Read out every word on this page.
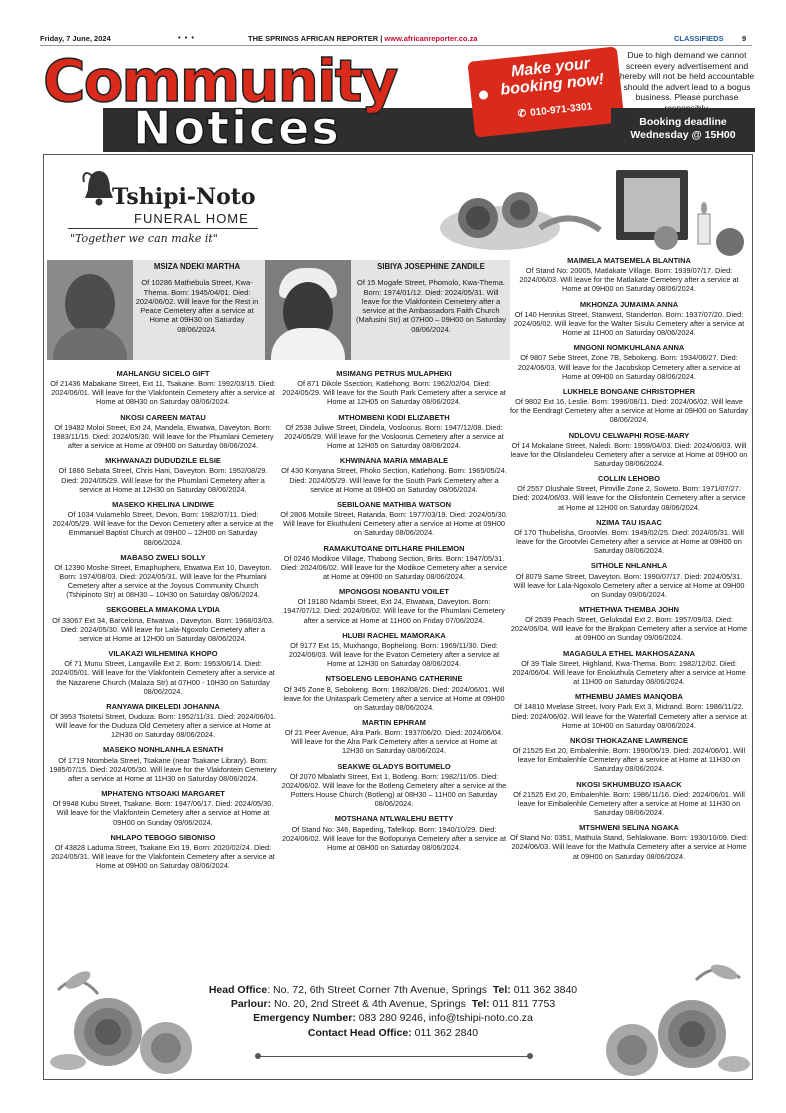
Friday, 7 June, 2024	• • •	THE SPRINGS AFRICAN REPORTER | www.africanreporter.co.za	CLASSIFIEDS 9
Community
Notices
Make your booking now!
✆ 010-971-3301
Due to high demand we cannot screen every advertisement and hereby will not be held accountable should the advert lead to a bogus business. Please purchase
Booking deadline
Wednesday @ 15H00
Tshipi-Noto
FUNERAL HOME
"Together we can make it"
MSIZA NDEKI MARTHA
Of 10286 Mathebula Street, Kwa-Thema. Born: 1945/04/01. Died: 2024/06/02. Will leave for the Rest in Peace Cemetery after a service at Home at 09H30 on Saturday 08/06/2024.
SIBIYA JOSEPHINE ZANDILE
Of 15 Mogafe Street, Phomolo, Kwa-Thema. Born: 1974/01/12. Died: 2024/05/31. Will leave for the Vlakfontein Cemetery after a service at the Ambassadors Faith Church (Mafusini Str) at 07H00 – 09H00 on Saturday 08/06/2024.
MAHLANGU SICELO GIFT
Of 21436 Mabakane Street, Ext 11, Tsakane. Born: 1992/03/15. Died: 2024/06/01. Will leave for the Vlakfontein Cemetery after a service at Home at 08H30 on Saturday 08/06/2024.
NKOSI CAREEN MATAU
Of 19482 Moloi Street, Ext 24, Mandela, Etwatwa, Daveyton. Born: 1983/11/15. Died: 2024/05/30. Will leave for the Phumlani Cemetery after a service at Home at 09H00 on Saturday 08/06/2024.
MKHWANAZI DUDUDZILE ELSIE
Of 1866 Sebata Street, Chris Hani, Daveyton. Born: 1952/08/29. Died: 2024/05/29. Will leave for the Phumlani Cemetery after a service at Home at 12H30 on Saturday 08/06/2024.
MASEKO KHELINA LINDIWE
Of 1034 Vulamehlo Street, Devon. Born: 1982/07/11. Died: 2024/05/29. Will leave for the Devon Cemetery after a service at the Emmanuel Baptist Church at 09H00 – 12H00 on Saturday 08/06/2024.
MABASO ZWELI SOLLY
Of 12390 Moshe Street, Emaphupheni, Etwatwa Ext 10, Daveyton. Born: 1974/08/03. Died: 2024/05/31. Will leave for the Phumlani Cemetery after a service at the Joyous Community Church (Tshipinoto Str) at 08H30 – 10H30 on Saturday 08/06/2024.
SEKGOBELA MMAKOMA LYDIA
Of 33067 Ext 34, Barcelona, Etwatwa , Daveyton. Born: 1968/03/03. Died: 2024/05/30. Will leave for Lala-Ngoxolo Cemetery after a service at Home at 12H00 on Saturday 08/06/2024.
VILAKAZI WILHEMINA KHOPO
Of 71 Munu Street, Langaville Ext 2. Born: 1953/06/14. Died: 2024/05/01. Will leave for the Vlakfontein Cemetery after a service at the Nazarene Church (Malaza Str) at 07H00 - 10H30 on Saturday 08/06/2024.
RANYAWA DIKELEDI JOHANNA
Of 3953 Tsotetsi Street, Duduza. Born: 1952/11/31. Died: 2024/06/01. Will leave for the Duduza Old Cemetery after a service at Home at 12H30 on Saturday 08/06/2024.
MASEKO NONHLANHLA ESNATH
Of 1719 Ntombela Street, Tsakane (near Tsakane Library). Born: 1985/07/15. Died: 2024/05/30. Will leave for the Vlakfontein Cemetery after a service at Home at 11H30 on Saturday 08/06/2024.
MPHATENG NTSOAKI MARGARET
Of 9948 Kubu Street, Tsakane. Born: 1947/06/17. Died: 2024/05/30. Will leave for the Vlakfontein Cemetery after a service at Home at 09H00 on Sunday 09/06/2024.
NHLAPO TEBOGO SIBONISO
Of 43828 Laduma Street, Tsakane Ext 19. Born: 2020/02/24. Died: 2024/05/31. Will leave for the Vlakfontein Cemetery after a service at Home at 09H00 on Saturday 08/06/2024.
MSIMANG PETRUS MULAPHEKI
Of 871 Dikole Ssection, Katlehong. Born: 1962/02/04. Died: 2024/05/29. Will leave for the South Park Cemetery after a service at Home at 12H05 on Saturday 08/06/2024.
MTHOMBENI KODI ELIZABETH
Of 2538 Juliwe Street, Dindela, Vosloorus. Born: 1947/12/08. Died: 2024/05/29. Will leave for the Vosloorus Cemetery after a service at Home at 12H05 on Saturday 08/06/2024.
KHWINANA MARIA MMABALE
Of 430 Konyana Street, Phoko Section, Katlehong. Born: 1965/05/24. Died: 2024/05/29. Will leave for the South Park Cemetery after a service at Home at 09H00 on Saturday 08/06/2024.
SEBILOANE MATHIBA WATSON
Of 2806 Motsile Street, Ratanda. Born: 1977/03/19. Died: 2024/05/30. Will leave for Ekuthuleni Cemetery after a service at Home at 09H00 on Saturday 08/06/2024.
RAMAKUTOANE DITLHARE PHILEMON
Of 0246 Modikoe Village, Thabong Section, Brits. Born: 1947/05/31. Died: 2024/06/02. Will leave for the Modikoe Cemetery after a service at Home at 09H00 on Saturday 08/06/2024.
MPONGOSI NOBANTU VOILET
Of 19180 Ndambi Street, Ext 24, Etwatwa, Daveyton. Born: 1947/07/12. Died: 2024/06/02. Will leave for the Phumlani Cemetery after a service at Home at 11H00 on Friday 07/06/2024.
HLUBI RACHEL MAMORAKA
Of 9177 Ext 15, Muxhango, Bophelong. Born: 1969/11/30. Died: 2024/06/03. Will leave for the Evaton Cemetery after a service at Home at 12H30 on Saturday 08/06/2024.
NTSOELENG LEBOHANG CATHERINE
Of 345 Zone 8, Sebokeng. Born: 1982/08/26. Died: 2024/06/01. Will leave for the Unitaspark Cemetery after a service at Home at 09H00 on Saturday 08/06/2024.
MARTIN EPHRAM
Of 21 Peer Avenue, Alra Park. Born: 1937/06/20. Died: 2024/06/04. Will leave for the Alra Park Cemetery after a service at Home at 12H30 on Saturday 08/06/2024.
SEAKWE GLADYS BOITUMELO
Of 2070 Mbalathi Street, Ext 1, Botleng. Born: 1982/11/05. Died: 2024/06/02. Will leave for the Botleng Cemetery after a service at the Potters House Church (Botleng) at 08H30 – 11H00 on Saturday 08/06/2024.
MOTSHANA NTLWALEHU BETTY
Of Stand No: 346, Bapeding, Tafelkop. Born: 1940/10/29. Died: 2024/06/02. Will leave for the Botlopunya Cemetery after a service at Home at 08H00 on Saturday 08/06/2024.
MAIMELA MATSEMELA BLANTINA
Of Stand No: 20005, Matlakate Village. Born: 1939/07/17. Died: 2024/06/03. Will leave for the Matlakate Cemetery after a service at Home at 09H00 on Saturday 08/06/2024.
MKHONZA JUMAIMA ANNA
Of 140 Hennius Street, Stanwest, Standerton. Born: 1937/07/20. Died: 2024/06/02. Will leave for the Walter Sisulu Cemetery after a service at Home at 11H00 on Saturday 08/06/2024.
MNGONI NOMKUHLANA ANNA
Of 9807 Sebe Street, Zone 7B, Sebokeng. Born: 1934/06/27. Died: 2024/06/03. Will leave for the Jacobskop Cemetery after a service at Home at 09H00 on Saturday 08/06/2024.
LUKHELE BONGANE CHRISTOPHER
Of 9802 Ext 16, Leslie. Born: 1996/08/11. Died: 2024/06/02. Will leave for the Eendragt Cemetery after a service at Home at 09H00 on Saturday 08/06/2024.
NDLOVU CELWAPHI ROSE-MARY
Of 14 Mokalane Street, Naledi. Born: 1959/04/03. Died: 2024/06/03. Will leave for the Olislandeleu Cemetery after a service at Home at 09H00 on Saturday 08/06/2024.
COLLIN LEHOBO
Of 2557 Dlushale Street, Pimville Zone 2, Soweto. Born: 1971/07/27. Died: 2024/06/03. Will leave for the Olisfontein Cemetery after a service at Home at 12H00 on Saturday 08/06/2024.
NZIMA TAU ISAAC
Of 170 Thubelisha, Grootvlei. Born: 1949/02/25. Died: 2024/05/31. Will leave for the Grootvlei Cemetery after a service at Home at 09H00 on Saturday 08/06/2024.
SITHOLE NHLANHLA
Of 8079 Same Street, Daveyton. Born: 1990/07/17. Died: 2024/05/31. Will leave for Lala-Ngoxolo Cemetery after a service at Home at 09H00 on Sunday 09/06/2024.
MTHETHWA THEMBA JOHN
Of 2539 Peach Street, Geluksdal Ext 2. Born: 1957/09/03. Died: 2024/06/04. Will leave for the Brakpan Cemetery after a service at Home at 09H00 on Sunday 09/06/2024.
MAGAGULA ETHEL MAKHOSAZANA
Of 39 Tlale Street, Highland, Kwa-Thema. Born: 1982/12/02. Died: 2024/06/04. Will leave for Enokuthula Cemetery after a service at Home at 11H00 on Saturday 08/06/2024.
MTHEMBU JAMES MANQOBA
Of 14810 Mvelase Street, Ivory Park Ext 3, Midrand. Born: 1986/11/22. Died: 2024/06/02. Will leave for the Waterfall Cemetery after a service at Home at 10H00 on Saturday 08/06/2024.
NKOSI THOKAZANE LAWRENCE
Of 21525 Ext 20, Embalenhle. Born: 1990/06/19. Died: 2024/06/01. Will leave for Embalenhle Cemetery after a service at Home at 11H30 on Saturday 08/06/2024.
NKOSI SKHUMBUZO ISAACK
Of 21525 Ext 20, Embalenhle. Born: 1986/11/16. Died: 2024/06/01. Will leave for Embalenhle Cemetery after a service at Home at 11H30 on Saturday 08/06/2024.
MTSHWENI SELINA NGAKA
Of Stand No: 0351, Mathula Stand, Sehlakwane. Born: 1930/10/09. Died: 2024/06/03. Will leave for the Mathula Cemetery after a service at Home at 09H00 on Saturday 08/06/2024.
Head Office: No. 72, 6th Street Corner 7th Avenue, Springs Tel: 011 362 3840
Parlour: No. 20, 2nd Street & 4th Avenue, Springs Tel: 011 811 7753
Emergency Number: 083 280 9246, info@tshipi-noto.co.za
Contact Head Office: 011 362 2840
